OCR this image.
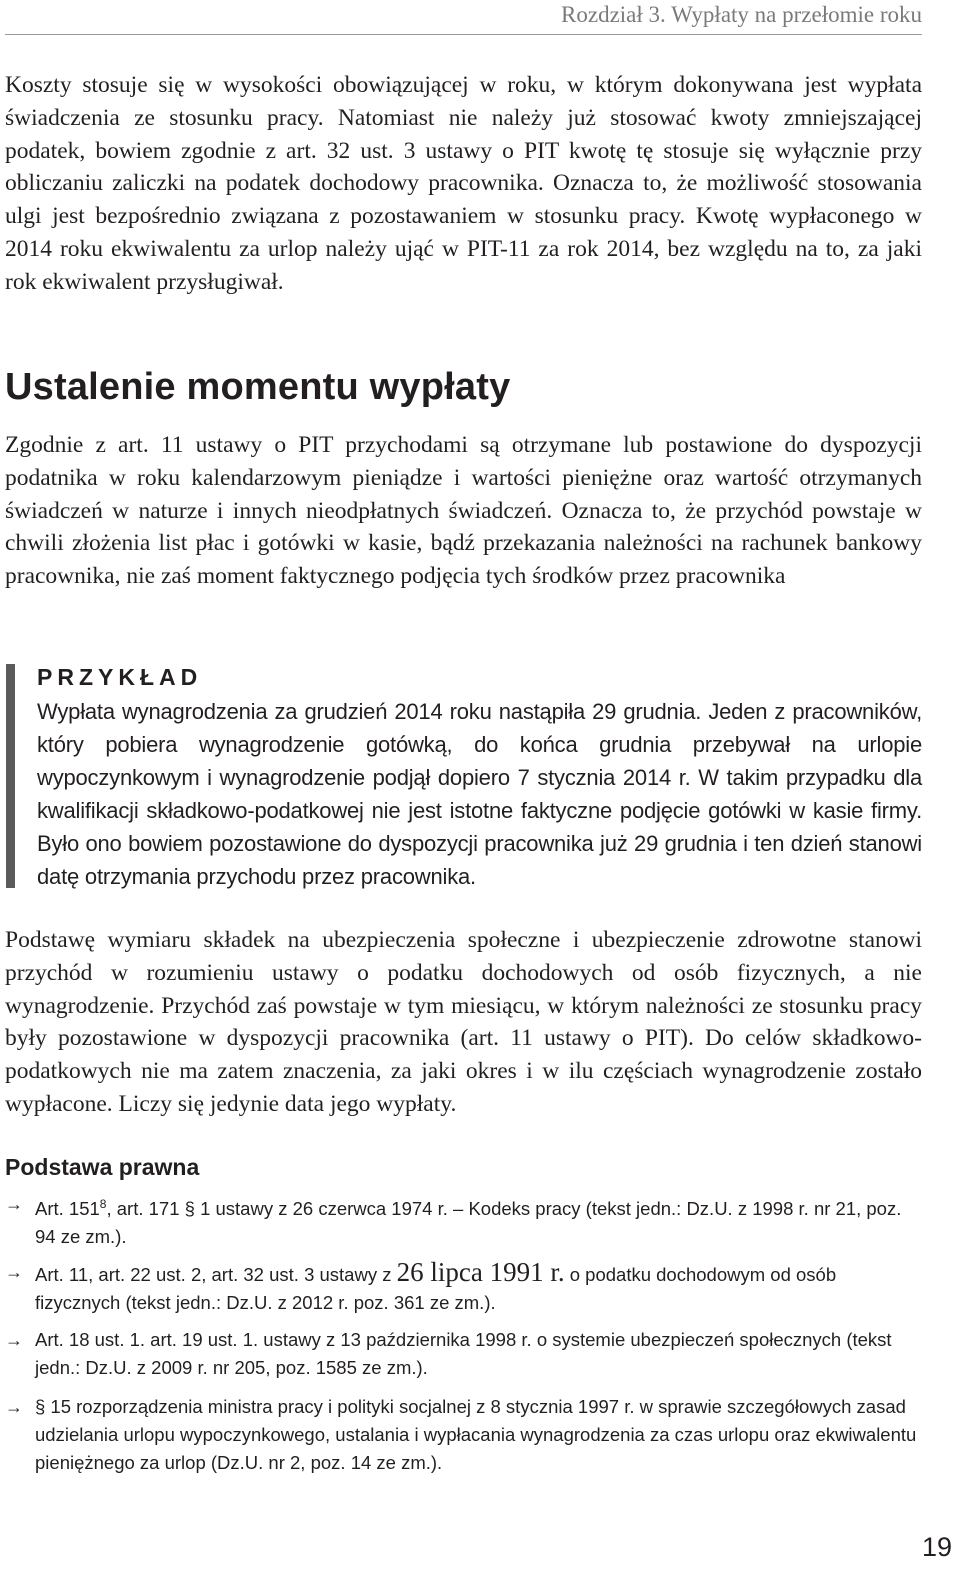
Rozdział 3. Wypłaty na przełomie roku

Koszty stosuje się w wysokości obowiązującej w roku, w którym dokonywana jest wypłata świadczenia ze stosunku pracy. Natomiast nie należy już stosować kwoty zmniejszającej podatek, bowiem zgodnie z art. 32 ust. 3 ustawy o PIT kwotę tę stosuje się wyłącznie przy obliczaniu zaliczki na podatek dochodowy pracownika. Oznacza to, że możliwość stosowania ulgi jest bezpośrednio związana z pozostawaniem w stosunku pracy. Kwotę wypłaconego w 2014 roku ekwiwalentu za urlop należy ująć w PIT-11 za rok 2014, bez względu na to, za jaki rok ekwiwalent przysługiwał.

Ustalenie momentu wypłaty

Zgodnie z art. 11 ustawy o PIT przychodami są otrzymane lub postawione do dyspozycji podatnika w roku kalendarzowym pieniądze i wartości pieniężne oraz wartość otrzymanych świadczeń w naturze i innych nieodpłatnych świadczeń. Oznacza to, że przychód powstaje w chwili złożenia list płac i gotówki w kasie, bądź przekazania należności na rachunek bankowy pracownika, nie zaś moment faktycznego podjęcia tych środków przez pracownika

PRZYKŁAD

Wypłata wynagrodzenia za grudzień 2014 roku nastąpiła 29 grudnia. Jeden z pracowników, który pobiera wynagrodzenie gotówką, do końca grudnia przebywał na urlopie wypoczynkowym i wynagrodzenie podjął dopiero 7 stycznia 2014 r. W takim przypadku dla kwalifikacji składkowo-podatkowej nie jest istotne faktyczne podjęcie gotówki w kasie firmy. Było ono bowiem pozostawione do dyspozycji pracownika już 29 grudnia i ten dzień stanowi datę otrzymania przychodu przez pracownika.

Podstawę wymiaru składek na ubezpieczenia społeczne i ubezpieczenie zdrowotne stanowi przychód w rozumieniu ustawy o podatku dochodowych od osób fizycznych, a nie wynagrodzenie. Przychód zaś powstaje w tym miesiącu, w którym należności ze stosunku pracy były pozostawione w dyspozycji pracownika (art. 11 ustawy o PIT). Do celów składkowo-podatkowych nie ma zatem znaczenia, za jaki okres i w ilu częściach wynagrodzenie zostało wypłacone. Liczy się jedynie data jego wypłaty.

Podstawa prawna
→ Art. $151^8$, art. 171 § 1 ustawy z 26 czerwca 1974 r. – Kodeks pracy (tekst jedn.: Dz.U. z 1998 r. nr 21, poz. 94 ze zm.).
→ Art. 11, art. 22 ust. 2, art. 32 ust. 3 ustawy z 26 lipca 1991 r. o podatku dochodowym od osób fizycznych (tekst jedn.: Dz.U. z 2012 r. poz. 361 ze zm.).
→ Art. 18 ust. 1. art. 19 ust. 1. ustawy z 13 października 1998 r. o systemie ubezpieczeń społecznych (tekst jedn.: Dz.U. z 2009 r. nr 205, poz. 1585 ze zm.).
→ § 15 rozporządzenia ministra pracy i polityki socjalnej z 8 stycznia 1997 r. w sprawie szczegółowych zasad udzielania urlopu wypoczynkowego, ustalania i wypłacania wynagrodzenia za czas urlopu oraz ekwiwalentu pieniężnego za urlop (Dz.U. nr 2, poz. 14 ze zm.).
19
